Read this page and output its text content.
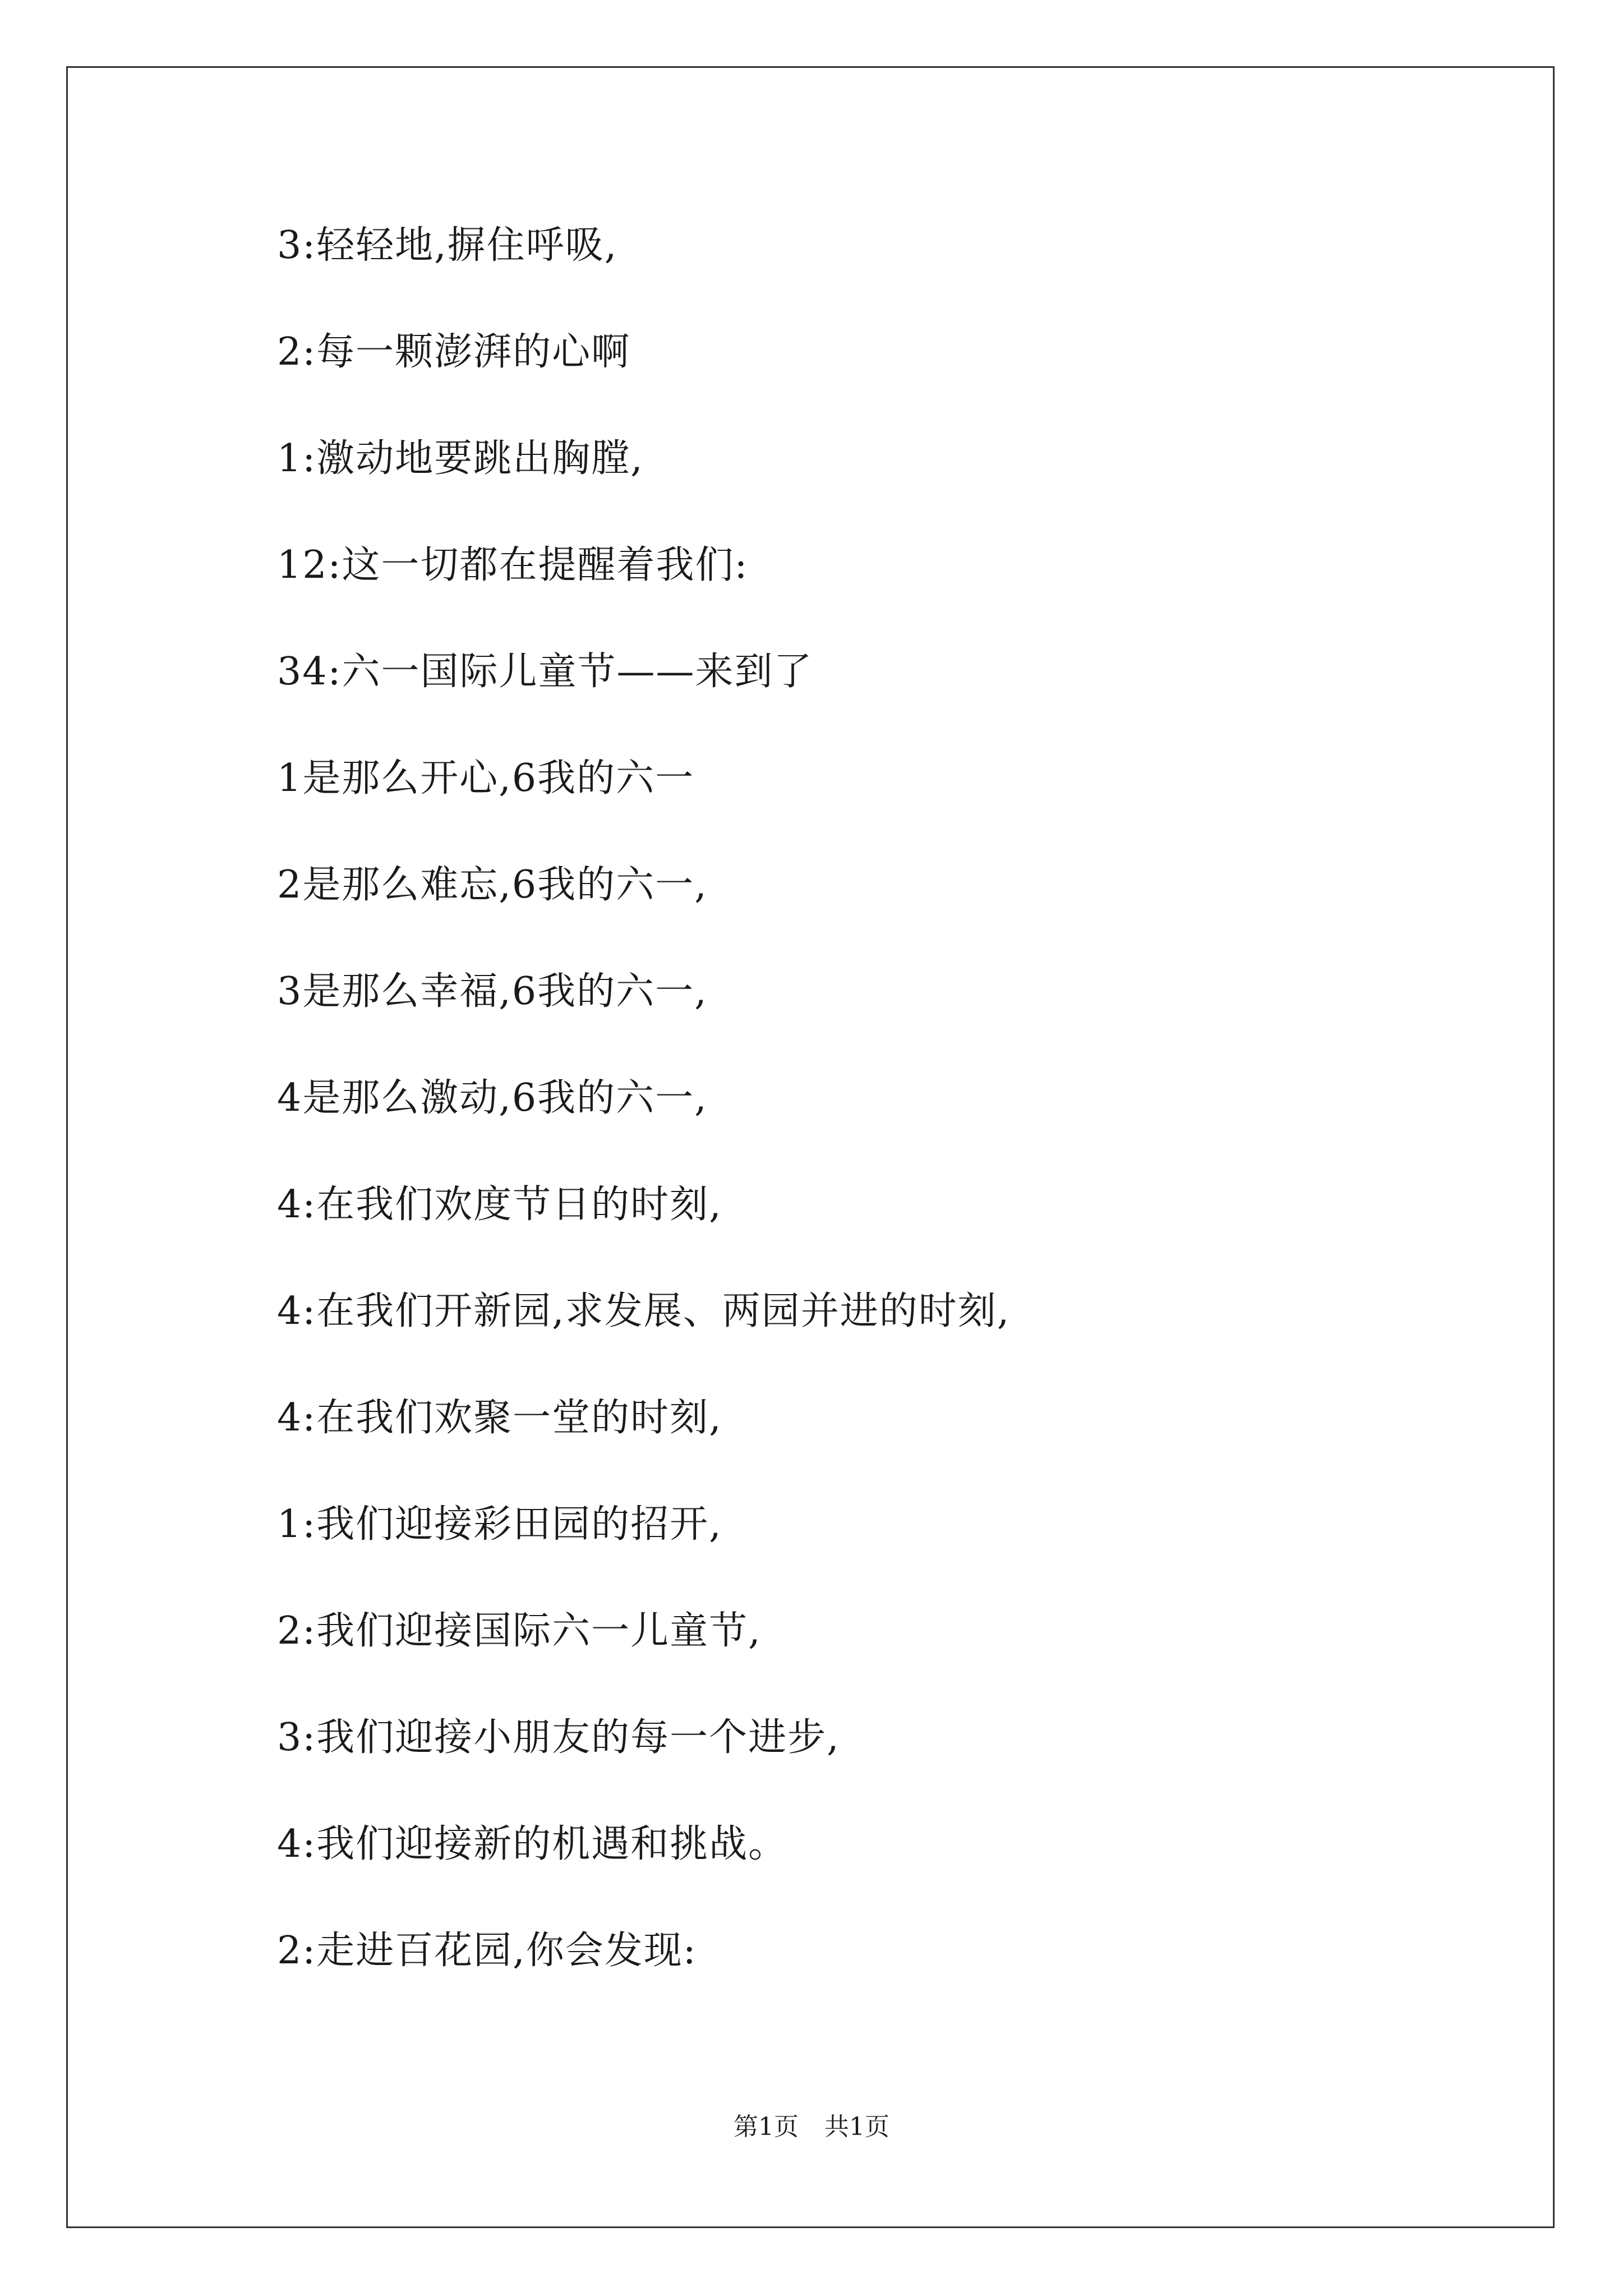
3:轻轻地,摒住呼吸,

2:每一颗澎湃的心啊

1:激动地要跳出胸膛,

12:这一切都在提醒着我们:

34:六一国际儿童节——来到了

1是那么开心,6我的六一

2是那么难忘,6我的六一,

3是那么幸福,6我的六一,

4是那么激动,6我的六一,

4:在我们欢度节日的时刻,

4:在我们开新园,求发展、两园并进的时刻,

4:在我们欢聚一堂的时刻,

1:我们迎接彩田园的招开,

2:我们迎接国际六一儿童节,

3:我们迎接小朋友的每一个进步,

4:我们迎接新的机遇和挑战。

2:走进百花园,你会发现:

第1页 共1页
